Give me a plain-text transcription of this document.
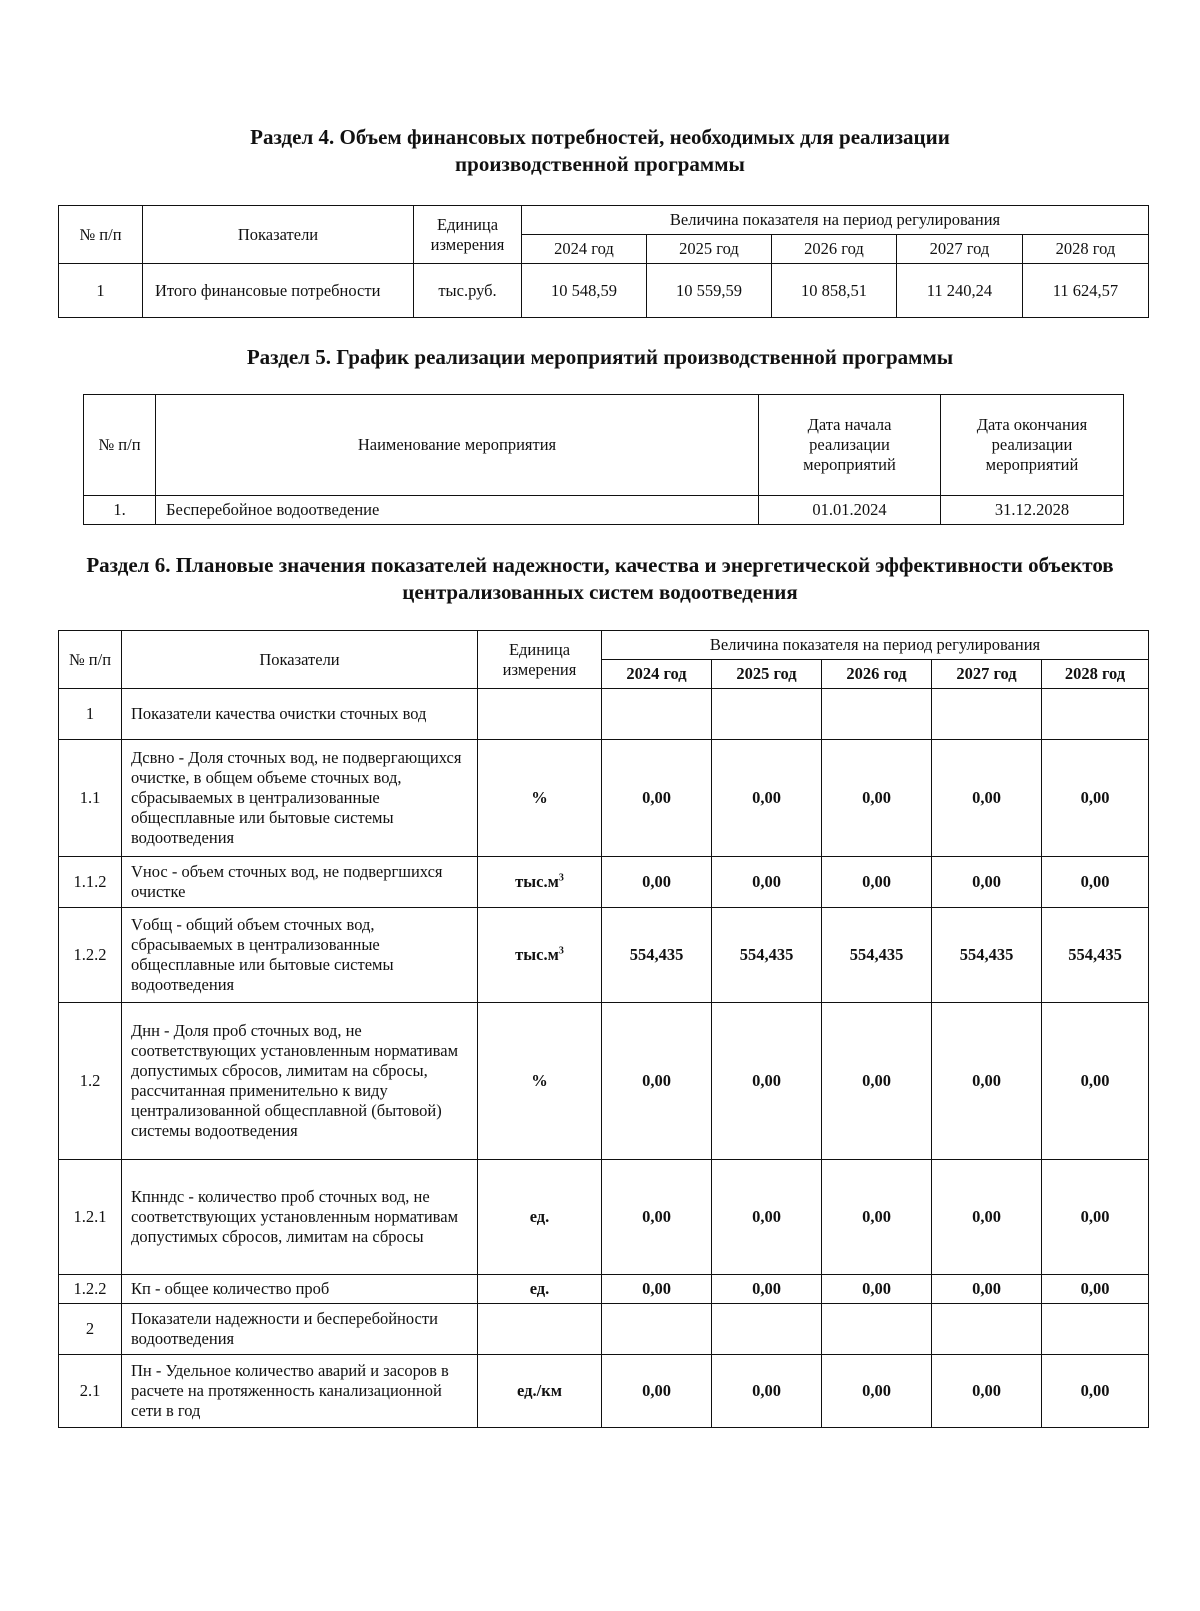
Раздел 4. Объем финансовых потребностей, необходимых для реализации производственной программы
№ п/п	Показатели	Единица измерения	Величина показателя на период регулирования				
			2024 год	2025 год	2026 год	2027 год	2028 год
1	Итого финансовые потребности	тыс.руб.	10 548,59	10 559,59	10 858,51	11 240,24	11 624,57
Раздел 5. График реализации мероприятий производственной программы
№ п/п	Наименование мероприятия	Дата начала реализации мероприятий	Дата окончания реализации мероприятий
1.	Бесперебойное водоотведение	01.01.2024	31.12.2028
Раздел 6. Плановые значения показателей надежности, качества и энергетической эффективности объектов централизованных систем водоотведения
№ п/п	Показатели	Единица измерения	Величина показателя на период регулирования				
			2024 год	2025 год	2026 год	2027 год	2028 год
1	Показатели качества очистки сточных вод						
1.1	Дсвно - Доля сточных вод, не подвергающихся очистке, в общем объеме сточных вод, сбрасываемых в централизованные общесплавные или бытовые системы водоотведения	%	0,00	0,00	0,00	0,00	0,00
1.1.2	Vнос - объем сточных вод, не подвергшихся очистке	$тыс.м^3$	0,00	0,00	0,00	0,00	0,00
1.2.2	Vобщ - общий объем сточных вод, сбрасываемых в централизованные общесплавные или бытовые системы водоотведения	$тыс.м^3$	554,435	554,435	554,435	554,435	554,435
1.2	Днн - Доля проб сточных вод, не соответствующих установленным нормативам допустимых сбросов, лимитам на сбросы, рассчитанная применительно к виду централизованной общесплавной (бытовой) системы водоотведения	%	0,00	0,00	0,00	0,00	0,00
1.2.1	Кпнндс - количество проб сточных вод, не соответствующих установленным нормативам допустимых сбросов, лимитам на сбросы	ед.	0,00	0,00	0,00	0,00	0,00
1.2.2	Кп - общее количество проб	ед.	0,00	0,00	0,00	0,00	0,00
2	Показатели надежности и бесперебойности водоотведения						
2.1	Пн - Удельное количество аварий и засоров в расчете на протяженность канализационной сети в год	ед./км	0,00	0,00	0,00	0,00	0,00
